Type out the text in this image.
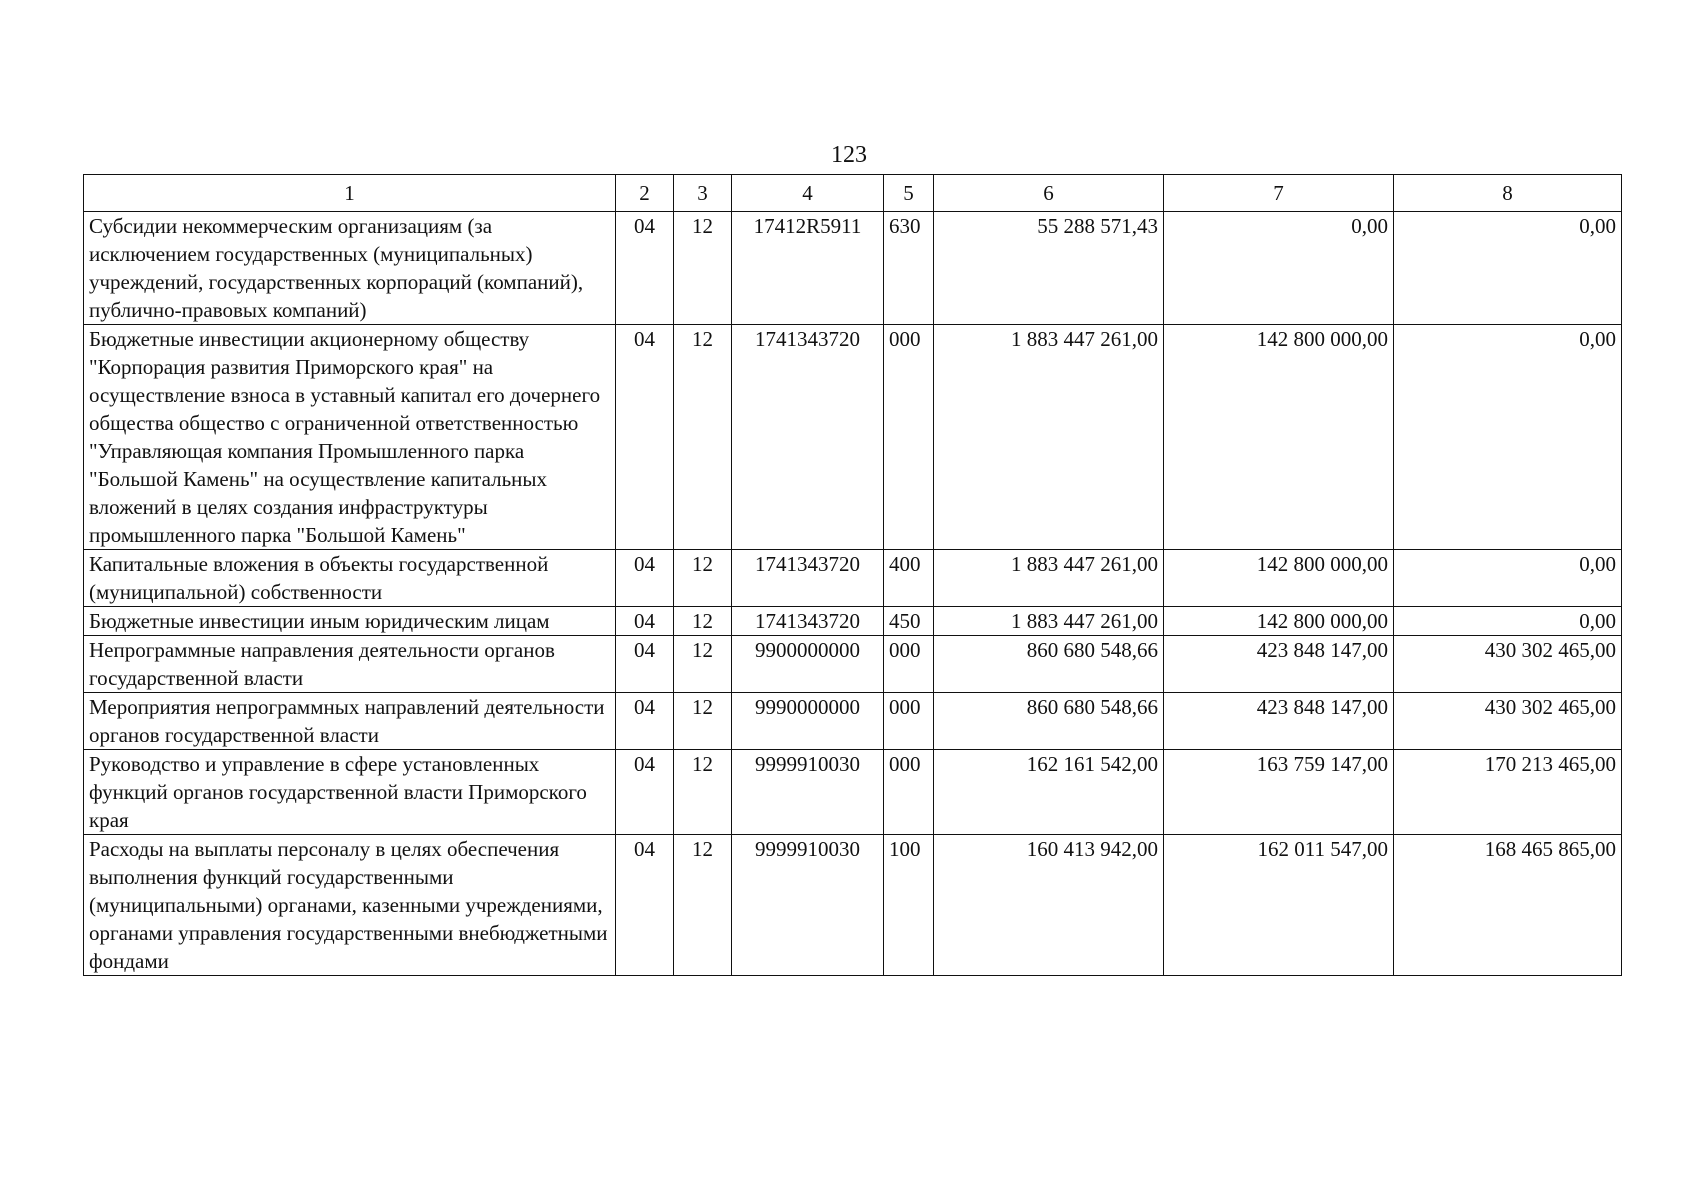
123
1	2	3	4	5	6	7	8
Субсидии некоммерческим организациям (за исключением государственных (муниципальных) учреждений, государственных корпораций (компаний), публично-правовых компаний)	04	12	17412R5911	630	55 288 571,43	0,00	0,00
Бюджетные инвестиции акционерному обществу "Корпорация развития Приморского края" на осуществление взноса в уставный капитал его дочернего общества общество с ограниченной ответственностью "Управляющая компания Промышленного парка "Большой Камень" на осуществление капитальных вложений в целях создания инфраструктуры промышленного парка "Большой Камень"	04	12	1741343720	000	1 883 447 261,00	142 800 000,00	0,00
Капитальные вложения в объекты государственной (муниципальной) собственности	04	12	1741343720	400	1 883 447 261,00	142 800 000,00	0,00
Бюджетные инвестиции иным юридическим лицам	04	12	1741343720	450	1 883 447 261,00	142 800 000,00	0,00
Непрограммные направления деятельности органов государственной власти	04	12	9900000000	000	860 680 548,66	423 848 147,00	430 302 465,00
Мероприятия непрограммных направлений деятельности органов государственной власти	04	12	9990000000	000	860 680 548,66	423 848 147,00	430 302 465,00
Руководство и управление в сфере установленных функций органов государственной власти Приморского края	04	12	9999910030	000	162 161 542,00	163 759 147,00	170 213 465,00
Расходы на выплаты персоналу в целях обеспечения выполнения функций государственными (муниципальными) органами, казенными учреждениями, органами управления государственными внебюджетными фондами	04	12	9999910030	100	160 413 942,00	162 011 547,00	168 465 865,00
